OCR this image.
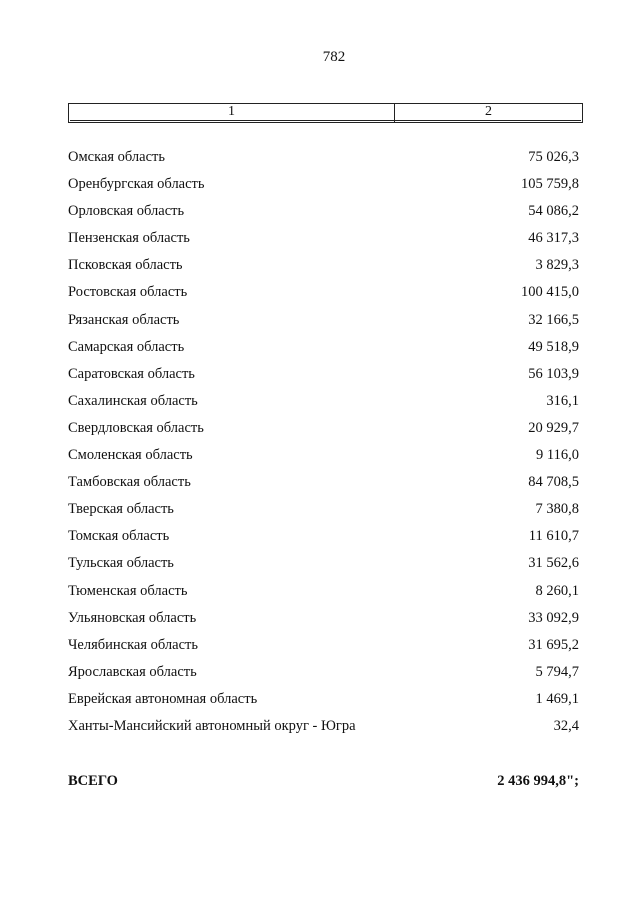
782
1	2
Омская область	75 026,3
Оренбургская область	105 759,8
Орловская область	54 086,2
Пензенская область	46 317,3
Псковская область	3 829,3
Ростовская область	100 415,0
Рязанская область	32 166,5
Самарская область	49 518,9
Саратовская область	56 103,9
Сахалинская область	316,1
Свердловская область	20 929,7
Смоленская область	9 116,0
Тамбовская область	84 708,5
Тверская область	7 380,8
Томская область	11 610,7
Тульская область	31 562,6
Тюменская область	8 260,1
Ульяновская область	33 092,9
Челябинская область	31 695,2
Ярославская область	5 794,7
Еврейская автономная область	1 469,1
Ханты-Мансийский автономный округ - Югра	32,4
ВСЕГО	2 436 994,8";
